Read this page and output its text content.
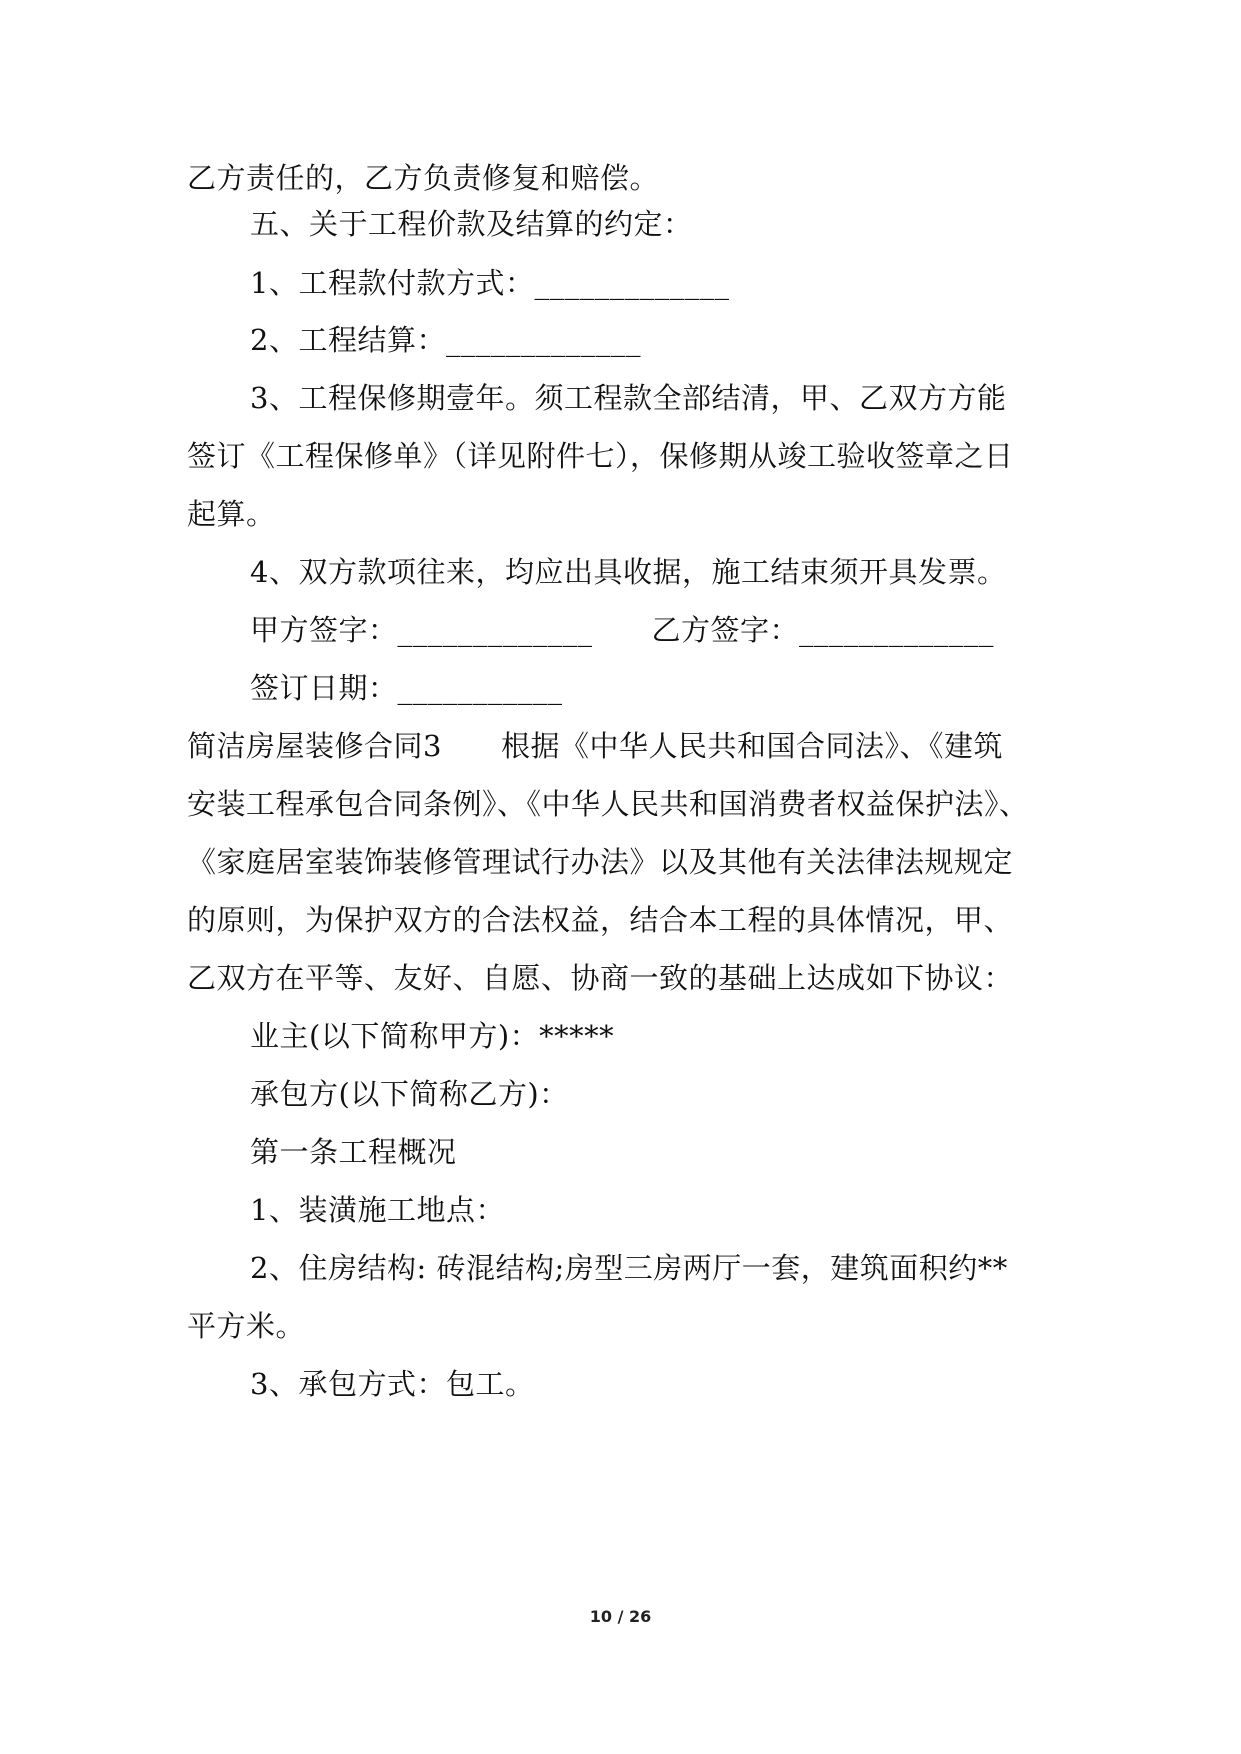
乙方责任的，乙方负责修复和赔偿。
五、关于工程价款及结算的约定：
1、工程款付款方式：_____________
2、工程结算：_____________
3、工程保修期壹年。须工程款全部结清，甲、乙双方方能
签订《工程保修单》（详见附件七），保修期从竣工验收签章之日
起算。
4、双方款项往来，均应出具收据，施工结束须开具发票。
甲方签字：_____________　　乙方签字：_____________
签订日期：___________
简洁房屋装修合同3　　根据《中华人民共和国合同法》、《建筑
安装工程承包合同条例》、《中华人民共和国消费者权益保护法》、
《家庭居室装饰装修管理试行办法》以及其他有关法律法规规定
的原则，为保护双方的合法权益，结合本工程的具体情况，甲、
乙双方在平等、友好、自愿、协商一致的基础上达成如下协议：
业主(以下简称甲方)：*****
承包方(以下简称乙方)：
第一条工程概况
1、装潢施工地点：
2、住房结构: 砖混结构;房型三房两厅一套，建筑面积约**
平方米。
3、承包方式：包工。
10 / 26
